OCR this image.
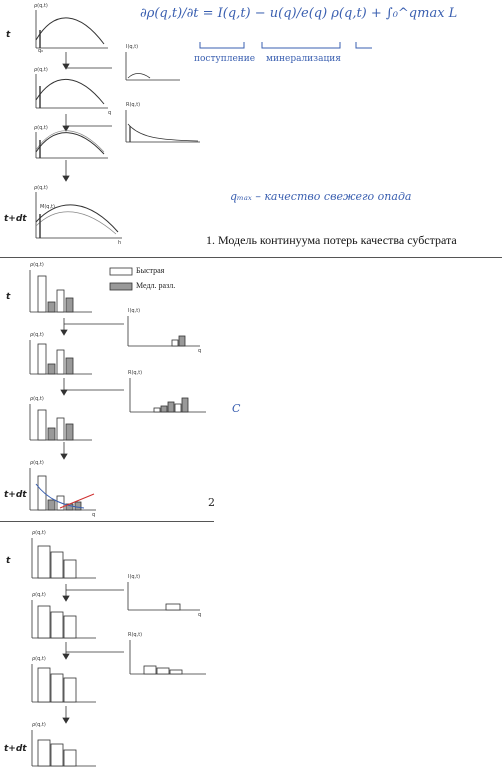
t
t+dt
ρ(q,t)
ρ(q,t)
ρ(q,t)
ρ(q,t)
I(q,t)
R(q,t)
q
q₀
h
M(q,t)
∂ρ(q,t)/∂t = I(q,t) − u(q)/e(q) ρ(q,t) + ∫₀^qmax L
поступление минерализация
qₘₐₓ – качество свежего опада
1. Модель континуума потерь качества субстрата
Быстрая
Медл. разл.
t
t+dt
ρ(q,t)
ρ(q,t)
ρ(q,t)
ρ(q,t)
I(q,t)
R(q,t)
q
q
C
2
t
t+dt
ρ(q,t)
ρ(q,t)
ρ(q,t)
ρ(q,t)
I(q,t)
R(q,t)
q
